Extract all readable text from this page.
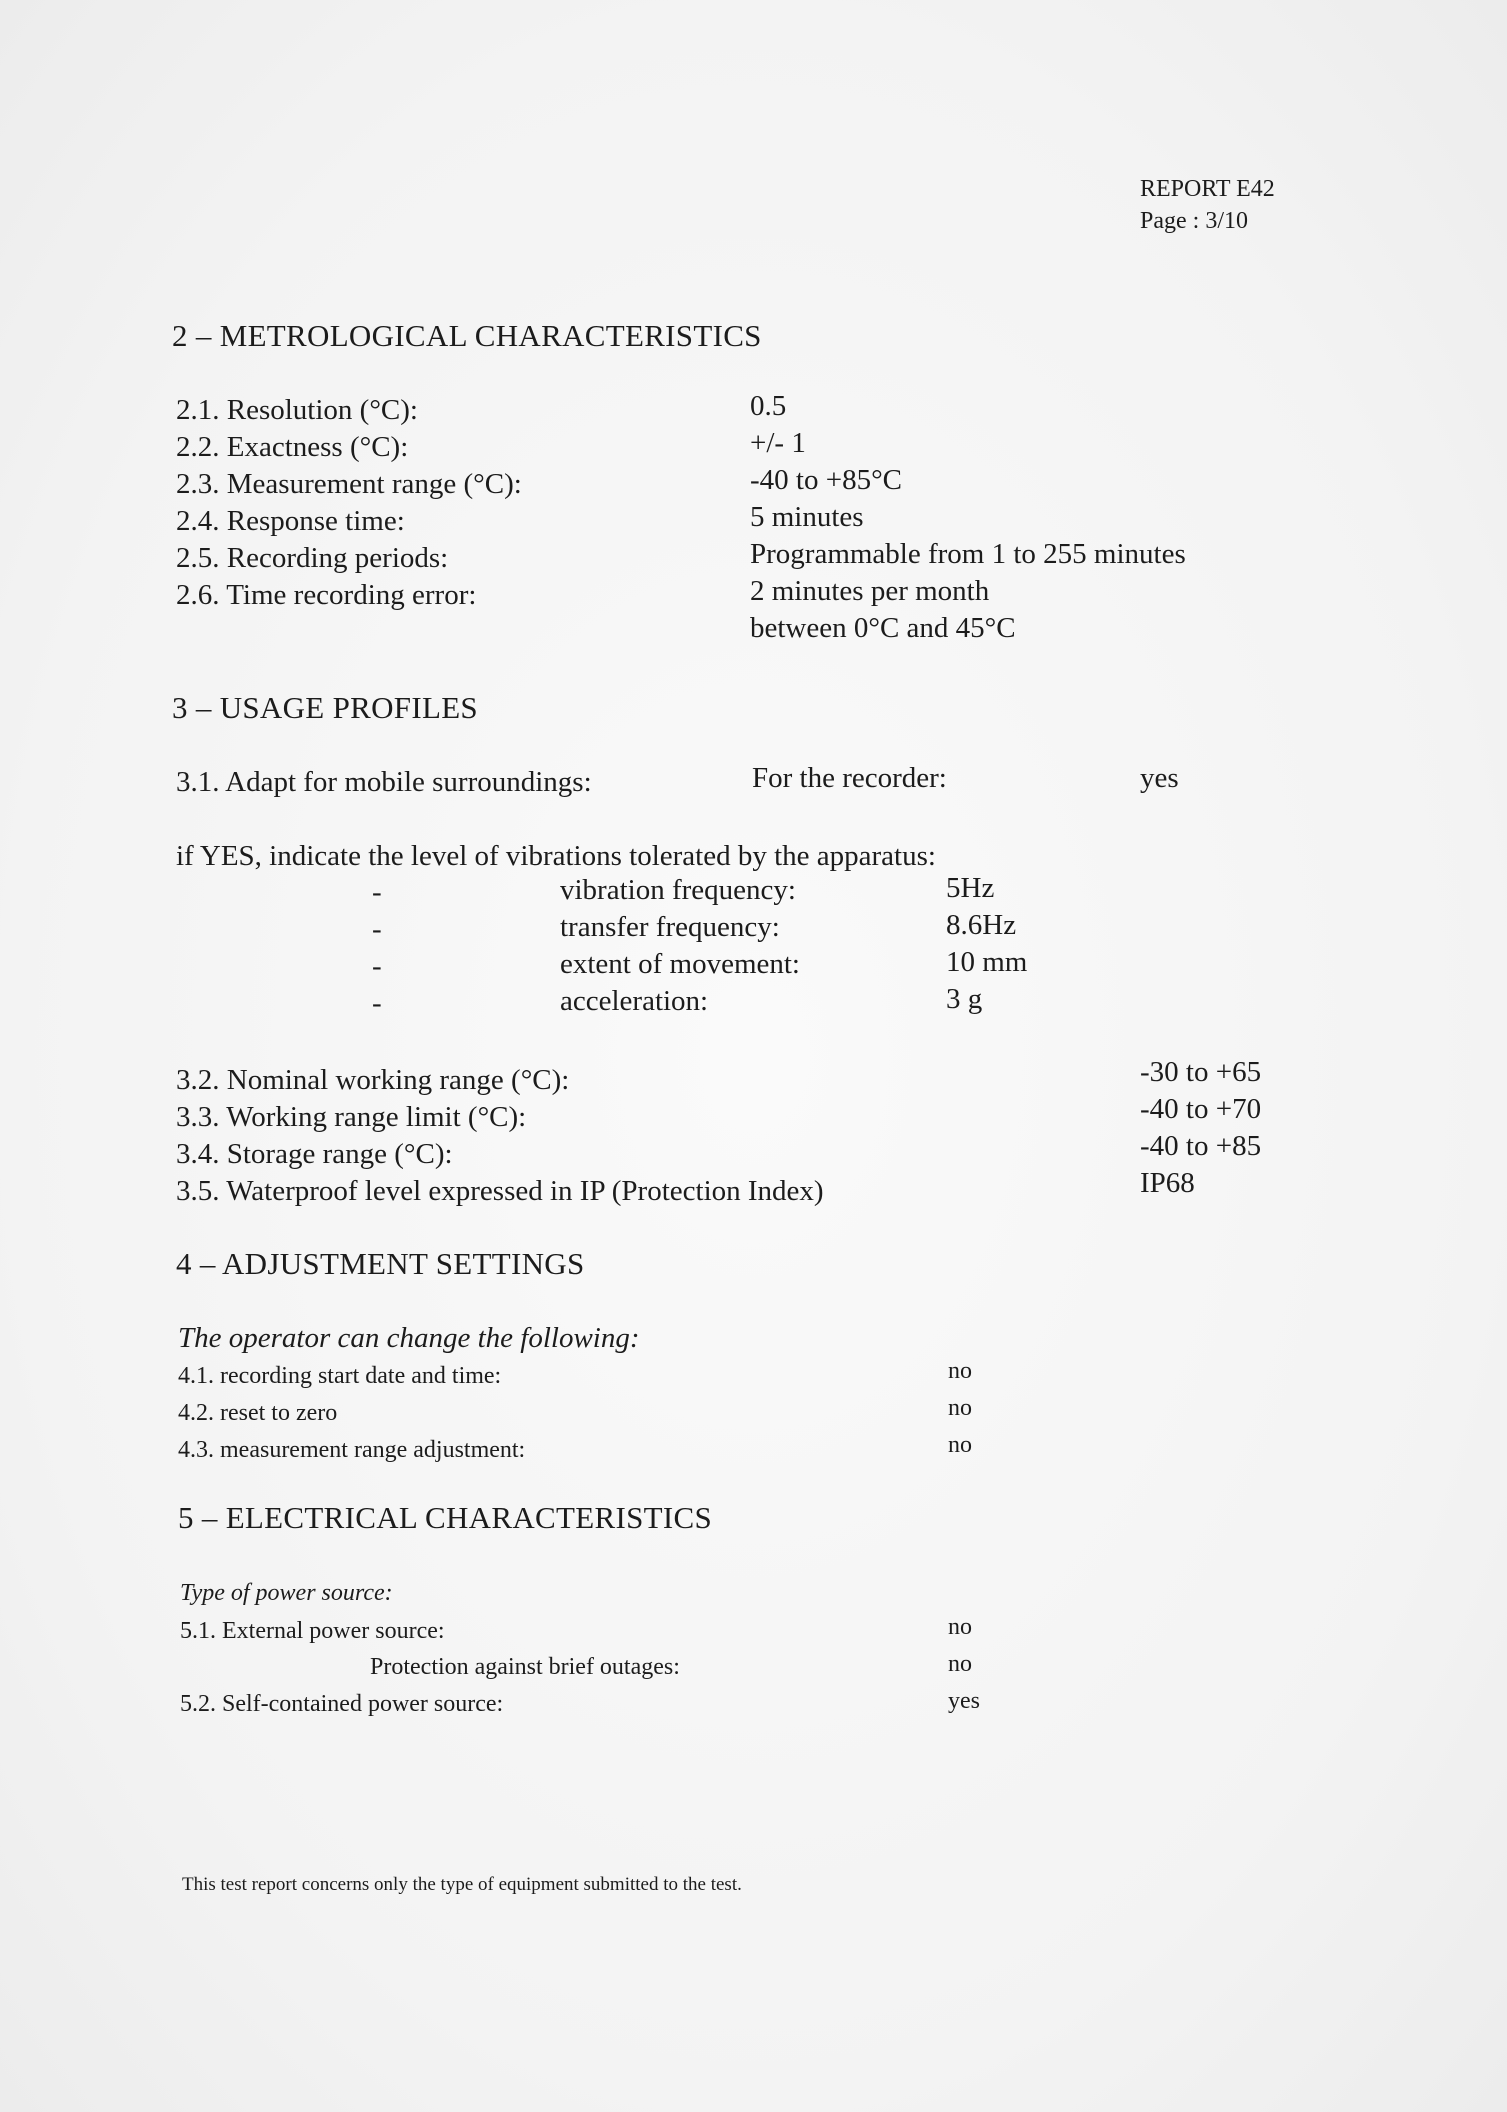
REPORT E42
Page : 3/10
2 – METROLOGICAL CHARACTERISTICS
2.1. Resolution (°C):	0.5
2.2. Exactness (°C):	+/- 1
2.3. Measurement range (°C):	-40 to +85°C
2.4. Response time:	5 minutes
2.5. Recording periods:	Programmable from 1 to 255 minutes
2.6. Time recording error:	2 minutes per month
between 0°C and 45°C
3 – USAGE PROFILES
3.1. Adapt for mobile surroundings:	For the recorder:	yes
if YES, indicate the level of vibrations tolerated by the apparatus:
-	vibration frequency:	5Hz
-	transfer frequency:	8.6Hz
-	extent of movement:	10 mm
-	acceleration:	3 g
3.2. Nominal working range (°C):	-30 to +65
3.3. Working range limit (°C):	-40 to +70
3.4. Storage range (°C):	-40 to +85
3.5. Waterproof level expressed in IP (Protection Index)	IP68
4 – ADJUSTMENT SETTINGS
The operator can change the following:
4.1. recording start date and time:	no
4.2. reset to zero	no
4.3. measurement range adjustment:	no
5 – ELECTRICAL CHARACTERISTICS
Type of power source:
5.1. External power source:	no
Protection against brief outages:	no
5.2. Self-contained power source:	yes
This test report concerns only the type of equipment submitted to the test.
